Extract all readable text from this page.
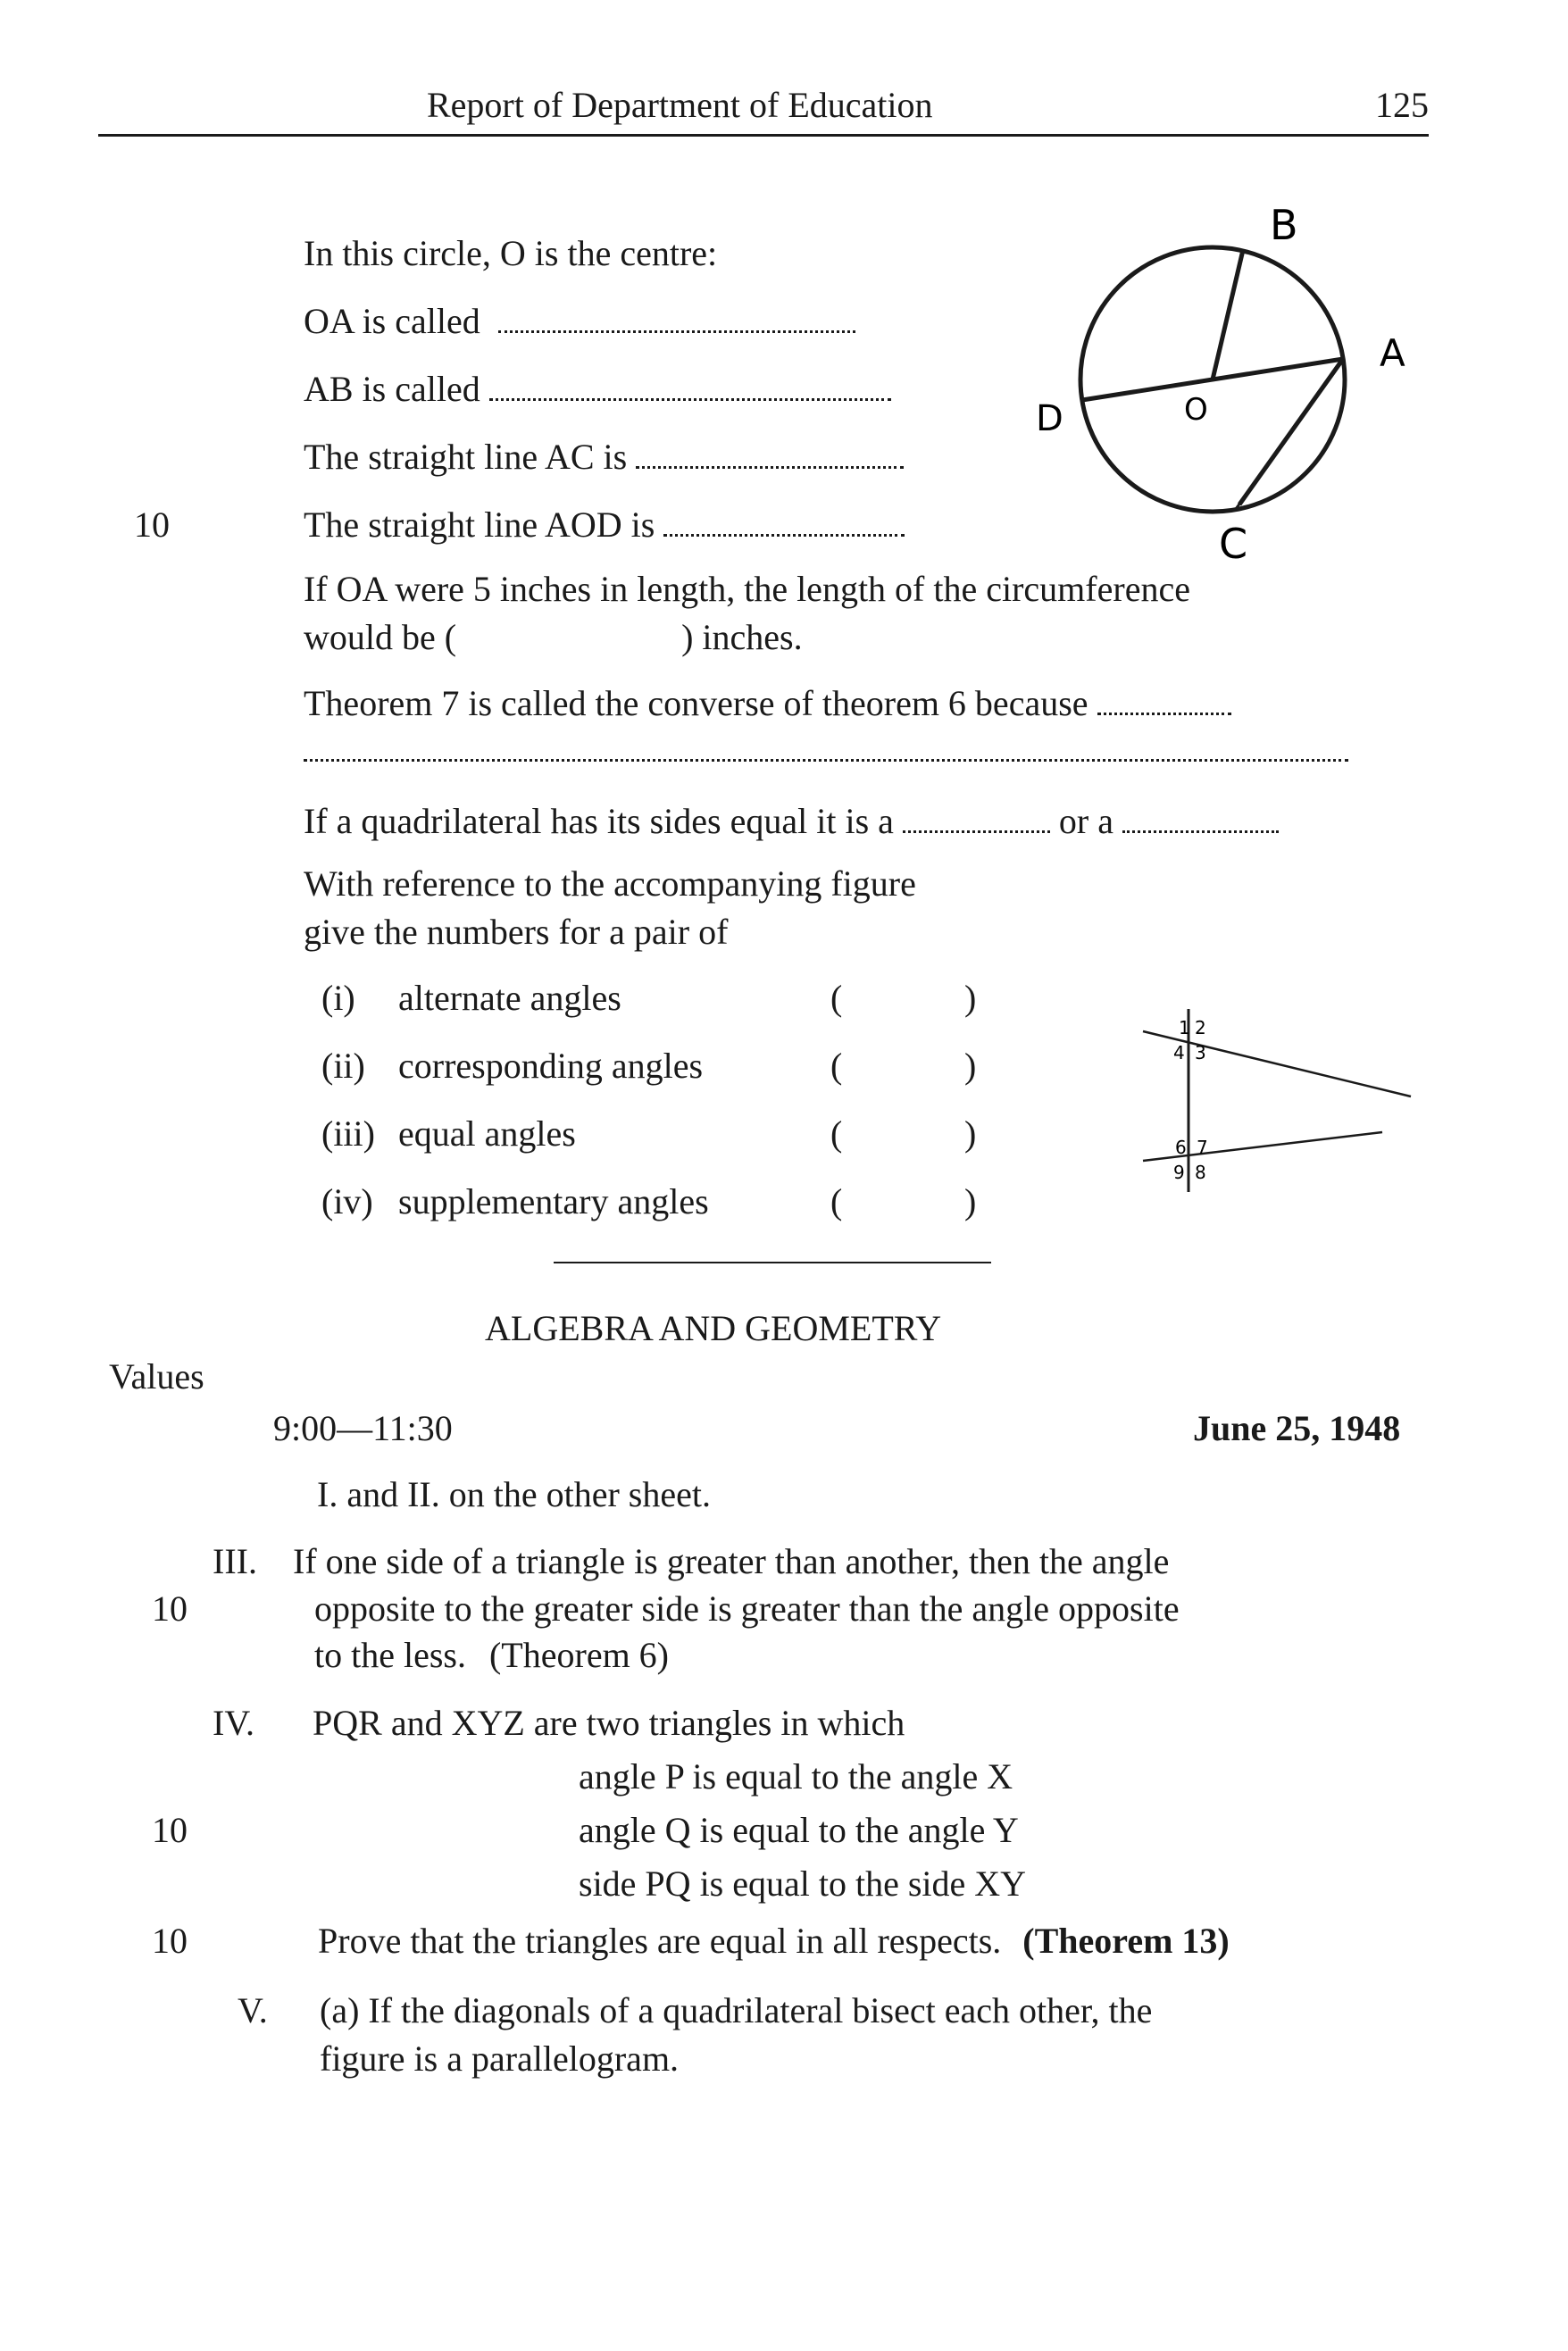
Report of Department of Education	125
In this circle, O is the centre:
OA is called
AB is called
The straight line AC is
10	The straight line AOD is
B
A
O
D
C
If OA were 5 inches in length, the length of the circumference
would be (	) inches.
Theorem 7 is called the converse of theorem 6 because
If a quadrilateral has its sides equal it is a	or a
With reference to the accompanying figure
give the numbers for a pair of
(i) alternate angles	(	)
(ii) corresponding angles	(	)
(iii) equal angles	(	)
(iv) supplementary angles	(	)
1 2
4 3
6 7
9 8
ALGEBRA AND GEOMETRY
Values
9:00—11:30	June 25, 1948
I. and II. on the other sheet.
III. If one side of a triangle is greater than another, then the angle
10	opposite to the greater side is greater than the angle opposite
to the less. (Theorem 6)
IV. PQR and XYZ are two triangles in which
angle P is equal to the angle X
10	angle Q is equal to the angle Y
side PQ is equal to the side XY
10	Prove that the triangles are equal in all respects. (Theorem 13)
V. (a) If the diagonals of a quadrilateral bisect each other, the
figure is a parallelogram.
